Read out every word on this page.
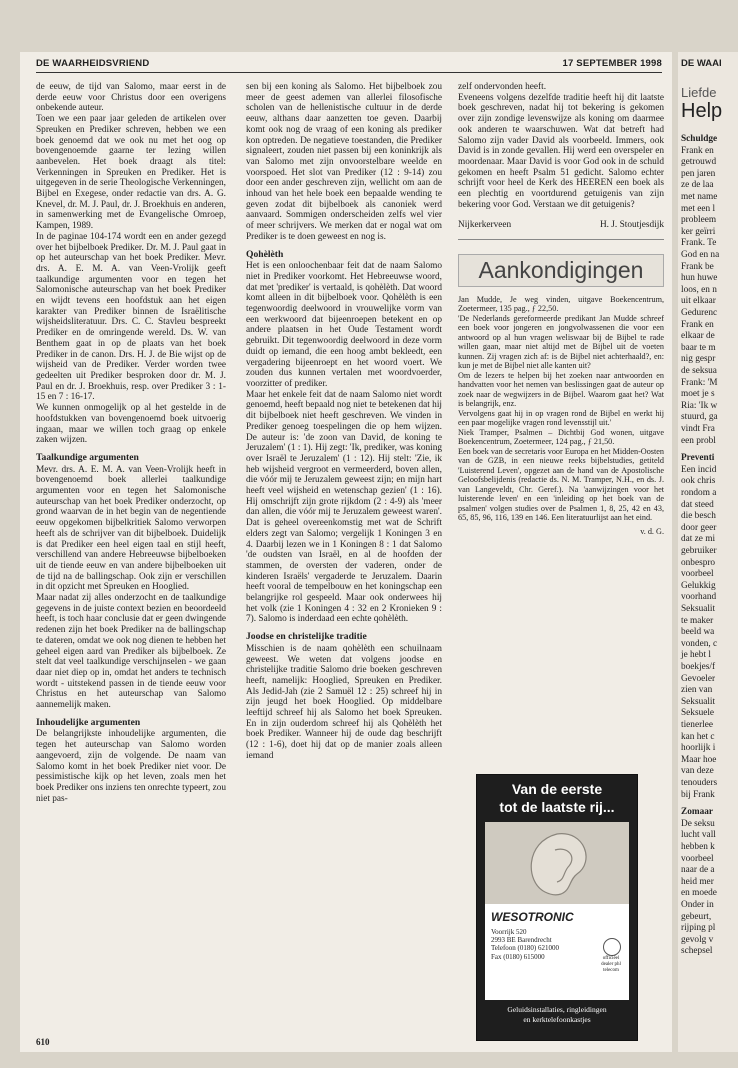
DE WAARHEIDSVRIEND	17 SEPTEMBER 1998

de eeuw, de tijd van Salomo, maar eerst in de derde eeuw voor Christus door een overigens onbekende auteur.

Toen we een paar jaar geleden de artikelen over Spreuken en Prediker schreven, hebben we een boek genoemd dat we ook nu met het oog op bovengenoemde gaarne ter lezing willen aanbevelen. Het boek draagt als titel: Verkenningen in Spreuken en Prediker. Het is uitgegeven in de serie Theologische Verkenningen, Bijbel en Exegese, onder redactie van drs. A. G. Knevel, dr. M. J. Paul, dr. J. Broekhuis en anderen, in samenwerking met de Evangelische Omroep, Kampen, 1989.

In de paginae 104-174 wordt een en ander gezegd over het bijbelboek Prediker. Dr. M. J. Paul gaat in op het auteurschap van het boek Prediker. Mevr. drs. A. E. M. A. van Veen-Vrolijk geeft taalkundige argumenten voor en tegen het Salomonische auteurschap van het boek Prediker en wijdt tevens een hoofdstuk aan het eigen karakter van Prediker binnen de Israëlitische wijsheidsliteratuur. Drs. C. C. Stavleu bespreekt Prediker en de omringende wereld. Ds. W. van Benthem gaat in op de plaats van het boek Prediker in de canon. Drs. H. J. de Bie wijst op de wijsheid van de Prediker. Verder worden twee gedeelten uit Prediker besproken door dr. M. J. Paul en dr. J. Broekhuis, resp. over Prediker 3 : 1-15 en 7 : 16-17.

We kunnen onmogelijk op al het gestelde in de hoofdstukken van bovengenoemd boek uitvoerig ingaan, maar we willen toch graag op enkele zaken wijzen.

Taalkundige argumenten

Mevr. drs. A. E. M. A. van Veen-Vrolijk heeft in bovengenoemd boek allerlei taalkundige argumenten voor en tegen het Salomonische auteurschap van het boek Prediker onderzocht, op grond waarvan de in het begin van de negentiende eeuw opgekomen bijbelkritiek Salomo verworpen heeft als de schrijver van dit bijbelboek. Duidelijk is dat Prediker een heel eigen taal en stijl heeft, verschillend van andere Hebreeuwse bijbelboeken uit de tiende eeuw en van andere bijbelboeken uit de tijd na de ballingschap. Ook zijn er verschillen in dit opzicht met Spreuken en Hooglied.

Maar nadat zij alles onderzocht en de taalkundige gegevens in de juiste context bezien en beoordeeld heeft, is toch haar conclusie dat er geen dwingende redenen zijn het boek Prediker na de ballingschap te dateren, omdat we ook nog dienen te hebben het geheel eigen aard van Prediker als bijbelboek. Ze stelt dat veel taalkundige verschijnselen - we gaan daar niet diep op in, omdat het anders te technisch wordt - uitstekend passen in de tiende eeuw voor Christus en het auteurschap van Salomo aannemelijk maken.

Inhoudelijke argumenten

De belangrijkste inhoudelijke argumenten, die tegen het auteurschap van Salomo worden aangevoerd, zijn de volgende. De naam van Salomo komt in het boek Prediker niet voor. De pessimistische kijk op het leven, zoals men het boek Prediker ons inziens ten onrechte typeert, zou niet pas-

sen bij een koning als Salomo. Het bijbelboek zou meer de geest ademen van allerlei filosofische scholen van de hellenistische cultuur in de derde eeuw, althans daar aanzetten toe geven. Daarbij komt ook nog de vraag of een koning als prediker kon optreden. De negatieve toestanden, die Prediker signaleert, zouden niet passen bij een koninkrijk als van Salomo met zijn onvoorstelbare weelde en voorspoed. Het slot van Prediker (12 : 9-14) zou door een ander geschreven zijn, wellicht om aan de inhoud van het hele boek een bepaalde wending te geven zodat dit bijbelboek als canoniek werd aanvaard. Sommigen onderscheiden zelfs wel vier of meer schrijvers. We merken dat er nogal wat om Prediker is te doen geweest en nog is.

Qohèlèth

Het is een onloochenbaar feit dat de naam Salomo niet in Prediker voorkomt. Het Hebreeuwse woord, dat met 'prediker' is vertaald, is qohèlèth. Dat woord komt alleen in dit bijbelboek voor. Qohèlèth is een tegenwoordig deelwoord in vrouwelijke vorm van een werkwoord dat bijeenroepen betekent en op andere plaatsen in het Oude Testament wordt gebruikt. Dit tegenwoordig deelwoord in deze vorm duidt op iemand, die een hoog ambt bekleedt, een vergadering bijeenroept en het woord voert. We zouden dus kunnen vertalen met woordvoerder, voorzitter of prediker.

Maar het enkele feit dat de naam Salomo niet wordt genoemd, heeft bepaald nog niet te betekenen dat hij dit bijbelboek niet heeft geschreven. We vinden in Prediker genoeg toespelingen die op hem wijzen. De auteur is: 'de zoon van David, de koning te Jeruzalem' (1 : 1). Hij zegt: 'Ik, prediker, was koning over Israël te Jeruzalem' (1 : 12). Hij stelt: 'Zie, ik heb wijsheid vergroot en vermeerderd, boven allen, die vóór mij te Jeruzalem geweest zijn; en mijn hart heeft veel wijsheid en wetenschap gezien' (1 : 16). Hij omschrijft zijn grote rijkdom (2 : 4-9) als 'meer dan allen, die vóór mij te Jeruzalem geweest waren'. Dat is geheel overeenkomstig met wat de Schrift elders zegt van Salomo; vergelijk 1 Koningen 3 en 4. Daarbij lezen we in 1 Koningen 8 : 1 dat Salomo 'de oudsten van Israël, en al de hoofden der stammen, de oversten der vaderen, onder de kinderen Israëls' vergaderde te Jeruzalem. Daarin heeft vooral de tempelbouw en het koningschap een belangrijke rol gespeeld. Maar ook onderwees hij het volk (zie 1 Koningen 4 : 32 en 2 Kronieken 9 : 7). Salomo is inderdaad een echte qohèlèth.

Joodse en christelijke traditie

Misschien is de naam qohèlèth een schuilnaam geweest. We weten dat volgens joodse en christelijke traditie Salomo drie boeken geschreven heeft, namelijk: Hooglied, Spreuken en Prediker. Als Jedid-Jah (zie 2 Samuël 12 : 25) schreef hij in zijn jeugd het boek Hooglied. Op middelbare leeftijd schreef hij als Salomo het boek Spreuken. En in zijn ouderdom schreef hij als Qohèlèth het boek Prediker. Wanneer hij de oude dag beschrijft (12 : 1-6), doet hij dat op de manier zoals alleen iemand

zelf ondervonden heeft.

Eveneens volgens dezelfde traditie heeft hij dit laatste boek geschreven, nadat hij tot bekering is gekomen over zijn zondige levenswijze als koning om daarmee ook anderen te waarschuwen. Wat dat betreft had Salomo zijn vader David als voorbeeld. Immers, ook David is in zonde gevallen. Hij werd een overspeler en moordenaar. Maar David is voor God ook in de schuld gekomen en heeft Psalm 51 gedicht. Salomo echter schrijft voor heel de Kerk des HEEREN een boek als een plechtig en voortdurend getuigenis van zijn bekering voor God. Verstaan we dit getuigenis?

Nijkerkerveen	H. J. Stoutjesdijk
Aankondigingen

Jan Mudde, Je weg vinden, uitgave Boekencentrum, Zoetermeer, 135 pag., ƒ 22,50.

'De Nederlands gereformeerde predikant Jan Mudde schreef een boek voor jongeren en jongvolwassenen die voor een antwoord op al hun vragen weliswaar bij de Bijbel te rade willen gaan, maar niet altijd met de Bijbel uit de voeten kunnen. Zij vragen zich af: is de Bijbel niet achterhaald?, en: kun je met de Bijbel niet alle kanten uit?

Om de lezers te helpen bij het zoeken naar antwoorden en handvatten voor het nemen van beslissingen gaat de auteur op zoek naar de wegwijzers in de Bijbel. Waarom gaat het? Wat is belangrijk, enz.

Vervolgens gaat hij in op vragen rond de Bijbel en werkt hij een paar mogelijke vragen rond levensstijl uit.'

Niek Tramper, Psalmen – Dichtbij God wonen, uitgave Boekencentrum, Zoetermeer, 124 pag., ƒ 21,50.

Een boek van de secretaris voor Europa en het Midden-Oosten van de GZB, in een nieuwe reeks bijbelstudies, getiteld 'Luisterend Leven', opgezet aan de hand van de Apostolische Geloofsbelijdenis (redactie ds. N. M. Tramper, N.H., en ds. J. van Langeveldt, Chr. Geref.). Na 'aanwijzingen voor het luisterende leven' en een 'inleiding op het boek van de psalmen' volgen studies over de Psalmen 1, 8, 25, 42 en 43, 65, 85, 96, 116, 139 en 146. Een literatuurlijst aan het eind.

v. d. G.
Van de eerste
tot de laatste rij...
WESOTRONIC
Voorrijk 520
2993 BE Barendrecht
Telefoon (0180) 621000
Fax (0180) 615000	officiëel dealer phl telecom
Geluidsinstallaties, ringleidingen
en kerktelefoonkastjes
610
DE WAAI
Liefde
Help
Schuldge
Frank en
getrouwd
pen jaren
ze de laa
met name
met een l
probleem
ker geïrri
Frank. Te
God en na
Frank be
hun huwe
loos, en n
uit elkaar
Gedurenc
Frank en
elkaar de
baar te m
nig gespr
de seksua
Frank: 'M
moet je s
Ria: 'Ik w
stuurd, ga
vindt Fra
een probl
Preventi
Een incid
ook chris
rondom a
dat steed
die besch
door geer
dat ze mi
gebruiker
onbespro
voorbeel
Gelukkig
voorhand
Seksualit
te maker
beeld wa
vonden, c
je hebt l
boekjes/f
Gevoeler
zien van
Seksualit
Seksuele
tienerlee
kan het c
hoorlijk i
Maar hoe
van deze
tenouders
bij Frank
Zomaar
De seksu
lucht vall
hebben k
voorbeel
naar de a
heid mer
en moede
Onder in
gebeurt,
rijping pl
gevolg v
schepsel
